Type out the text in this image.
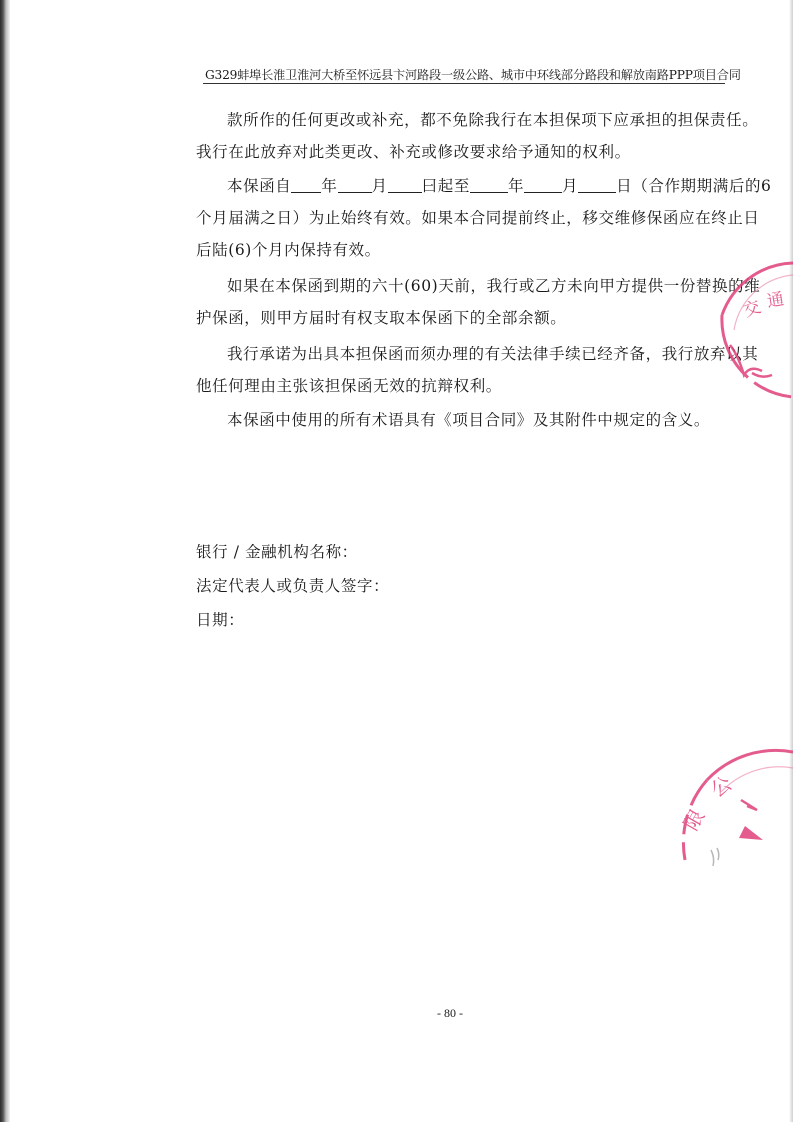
G329蚌埠长淮卫淮河大桥至怀远县卞河路段一级公路、城市中环线部分路段和解放南路PPP项目合同
款所作的任何更改或补充，都不免除我行在本担保项下应承担的担保责任。
我行在此放弃对此类更改、补充或修改要求给予通知的权利。
本保函自 年 月 曰起至 年 月 日（合作期期满后的6
个月届满之日）为止始终有效。如果本合同提前终止，移交维修保函应在终止日
后陆(6)个月内保持有效。
如果在本保函到期的六十(60)天前，我行或乙方未向甲方提供一份替换的维
护保函，则甲方届时有权支取本保函下的全部余额。
我行承诺为出具本担保函而须办理的有关法律手续已经齐备，我行放弃以其
他任何理由主张该担保函无效的抗辩权利。
本保函中使用的所有术语具有《项目合同》及其附件中规定的含义。
银行 / 金融机构名称：
法定代表人或负责人签字：
日期：
交 通
限
公
- 80 -
